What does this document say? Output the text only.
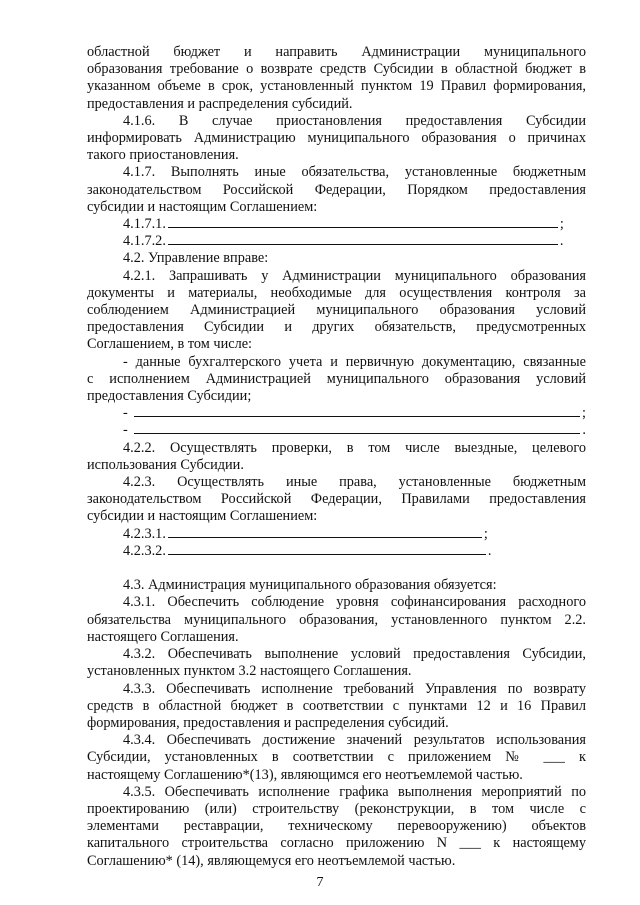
областной бюджет и направить Администрации муниципального

образования требование о возврате средств Субсидии в областной бюджет в

указанном объеме в срок, установленный пунктом 19 Правил формирования,

предоставления и распределения субсидий.

4.1.6. В случае приостановления предоставления Субсидии

информировать Администрацию муниципального образования о причинах

такого приостановления.

4.1.7. Выполнять иные обязательства, установленные бюджетным

законодательством Российской Федерации, Порядком предоставления

субсидии и настоящим Соглашением:

4.1.7.1.	;
4.1.7.2.	.

4.2. Управление вправе:

4.2.1. Запрашивать у Администрации муниципального образования

документы и материалы, необходимые для осуществления контроля за

соблюдением Администрацией муниципального образования условий

предоставления Субсидии и других обязательств, предусмотренных

Соглашением, в том числе:

- данные бухгалтерского учета и первичную документацию, связанные

с исполнением Администрацией муниципального образования условий

предоставления Субсидии;

-	;
-	.

4.2.2. Осуществлять проверки, в том числе выездные, целевого

использования Субсидии.

4.2.3. Осуществлять иные права, установленные бюджетным

законодательством Российской Федерации, Правилами предоставления

субсидии и настоящим Соглашением:

4.2.3.1.	;
4.2.3.2.	.

4.3. Администрация муниципального образования обязуется:

4.3.1. Обеспечить соблюдение уровня софинансирования расходного

обязательства муниципального образования, установленного пунктом 2.2.

настоящего Соглашения.

4.3.2. Обеспечивать выполнение условий предоставления Субсидии,

установленных пунктом 3.2 настоящего Соглашения.

4.3.3. Обеспечивать исполнение требований Управления по возврату

средств в областной бюджет в соответствии с пунктами 12 и 16 Правил

формирования, предоставления и распределения субсидий.

4.3.4. Обеспечивать достижение значений результатов использования

Субсидии, установленных в соответствии с приложением № ___ к

настоящему Соглашению*(13), являющимся его неотъемлемой частью.

4.3.5. Обеспечивать исполнение графика выполнения мероприятий по

проектированию (или) строительству (реконструкции, в том числе с

элементами реставрации, техническому перевооружению) объектов

капитального строительства согласно приложению N ___ к настоящему

Соглашению* (14), являющемуся его неотъемлемой частью.

7
